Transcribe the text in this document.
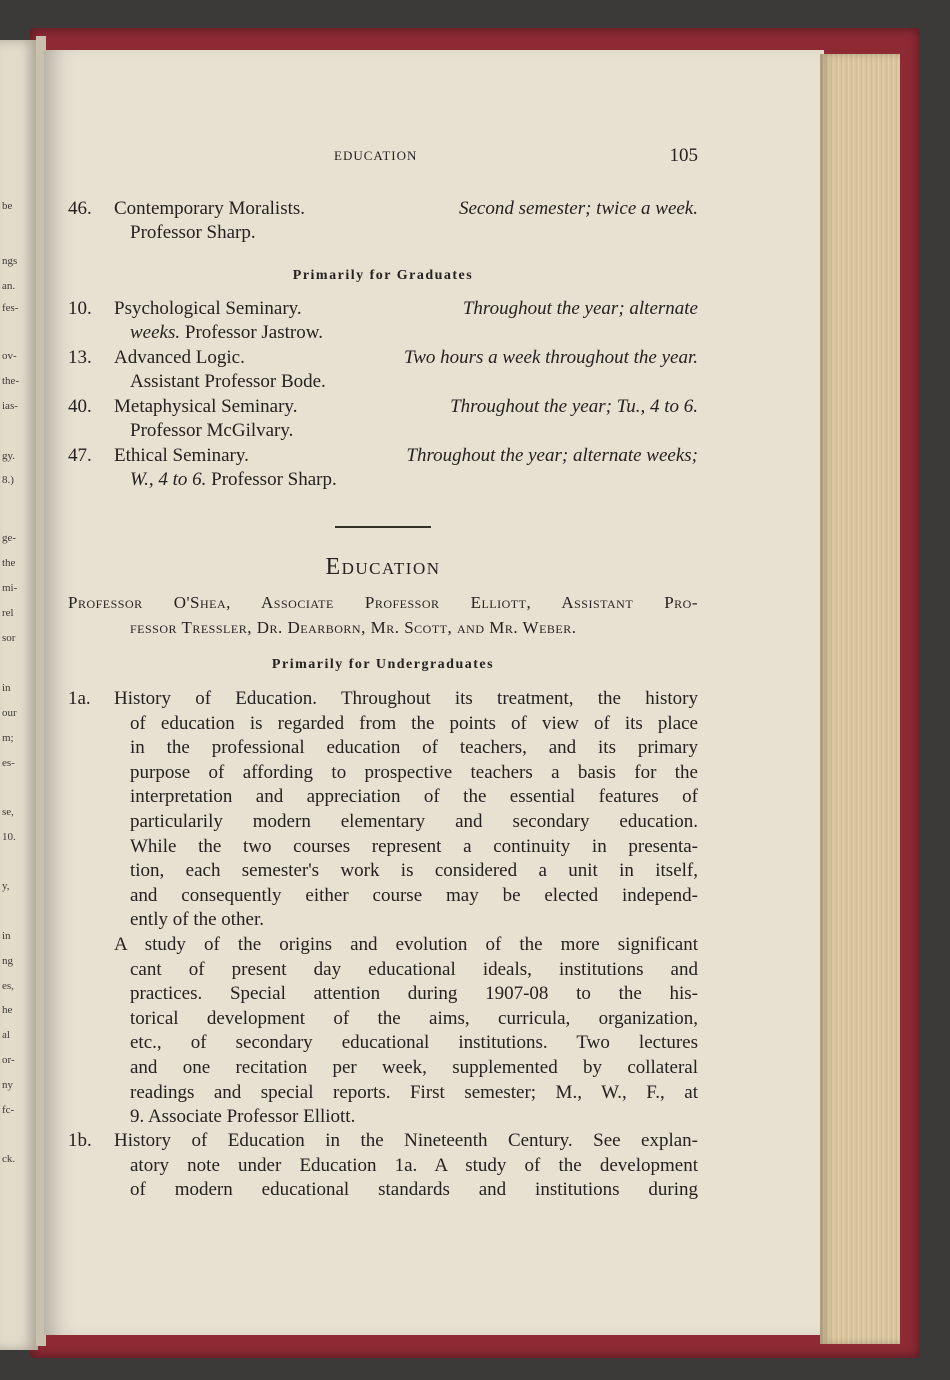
be
ngs
an.
fes-
ov-
the-
ias-
gy.
8.)
ge-
the
mi-
rel
sor
in
our
m;
es-
se,
10.
y,
in
ng
es,
he
al
or-
ny
fc-
ck.
EDUCATION	105
46. Contemporary Moralists.	Second semester; twice a week.
Professor Sharp.
Primarily for Graduates
10. Psychological Seminary.	Throughout the year; alternate
weeks. Professor Jastrow.
13. Advanced Logic.	Two hours a week throughout the year.
Assistant Professor Bode.
40. Metaphysical Seminary.	Throughout the year; Tu., 4 to 6.
Professor McGilvary.
47. Ethical Seminary.	Throughout the year; alternate weeks;
W., 4 to 6. Professor Sharp.
Education
Professor O'Shea, Associate Professor Elliott, Assistant Pro-
fessor Tressler, Dr. Dearborn, Mr. Scott, and Mr. Weber.
Primarily for Undergraduates
1a. History of Education. Throughout its treatment, the history
of education is regarded from the points of view of its place
in the professional education of teachers, and its primary
purpose of affording to prospective teachers a basis for the
interpretation and appreciation of the essential features of
particularily modern elementary and secondary education.
While the two courses represent a continuity in presenta-
tion, each semester's work is considered a unit in itself,
and consequently either course may be elected independ-
ently of the other.
A study of the origins and evolution of the more significant
cant of present day educational ideals, institutions and
practices. Special attention during 1907-08 to the his-
torical development of the aims, curricula, organization,
etc., of secondary educational institutions. Two lectures
and one recitation per week, supplemented by collateral
readings and special reports. First semester; M., W., F., at
9. Associate Professor Elliott.
1b. History of Education in the Nineteenth Century. See explan-
atory note under Education 1a. A study of the development
of modern educational standards and institutions during
